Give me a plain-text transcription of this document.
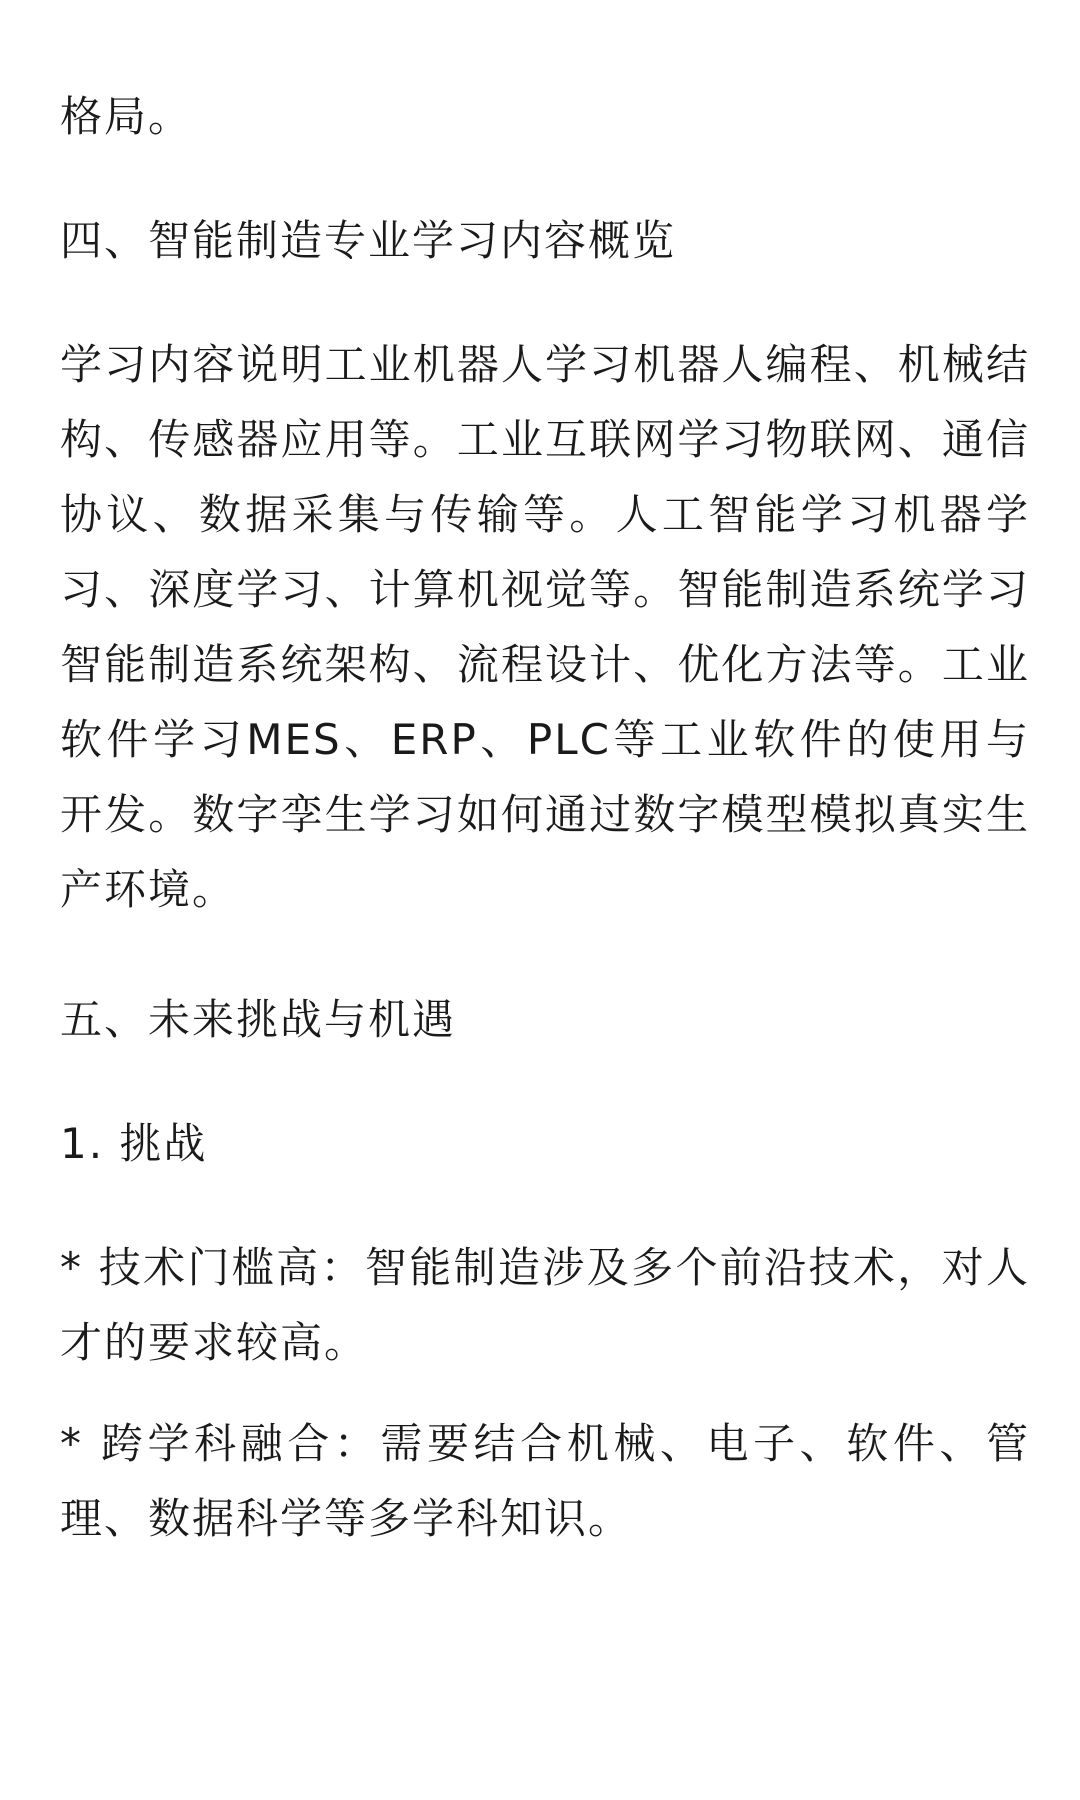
格局。

四、智能制造专业学习内容概览

学习内容说明工业机器人学习机器人编程、机械结构、传感器应用等。工业互联网学习物联网、通信协议、数据采集与传输等。人工智能学习机器学习、深度学习、计算机视觉等。智能制造系统学习智能制造系统架构、流程设计、优化方法等。工业软件学习MES、ERP、PLC等工业软件的使用与开发。数字孪生学习如何通过数字模型模拟真实生产环境。

五、未来挑战与机遇

1. 挑战

* 技术门槛高：智能制造涉及多个前沿技术，对人才的要求较高。

* 跨学科融合：需要结合机械、电子、软件、管理、数据科学等多学科知识。
